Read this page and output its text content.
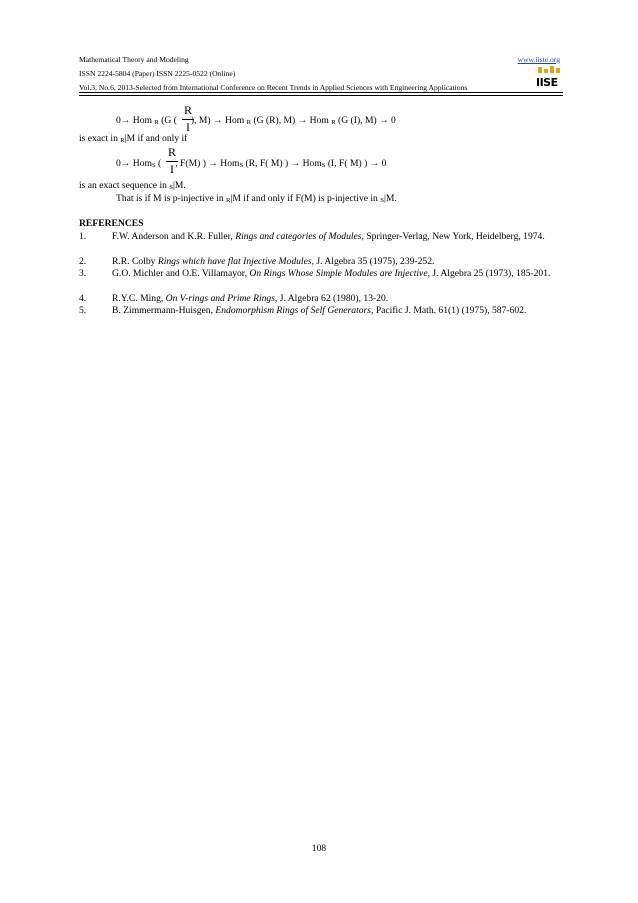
Mathematical Theory and Modeling	www.iiste.org
ISSN 2224-5804 (Paper) ISSN 2225-0522 (Online)
Vol.3, No.6, 2013-Selected from International Conference on Recent Trends in Applied Sciences with Engineering Applications	IISE
0→ Hom R (G ( ), M) → Hom R (G (R), M) → Hom R (G (I), M) → 0
R
I
is exact in R|M if and only if
0→ HomS ( , F(M) ) → HomS (R, F( M) ) → HomS (I, F( M) ) → 0
R
I
is an exact sequence in S|M.
That is if M is p-injective in R|M if and only if F(M) is p-injective in S|M.
REFERENCES
1.	F.W. Anderson and K.R. Fuller, Rings and categories of Modules, Springer-Verlag, New York, Heidelberg, 1974.
2.	R.R. Colby Rings which have flat Injective Modules, J. Algebra 35 (1975), 239-252.
3.	G.O. Michler and O.E. Villamayor, On Rings Whose Simple Modules are Injective, J. Algebra 25 (1973), 185-201.
4.	R.Y.C. Ming, On V-rings and Prime Rings, J. Algebra 62 (1980), 13-20.
5.	B. Zimmermann-Huisgen, Endomorphism Rings of Self Generators, Pacific J. Math. 61(1) (1975), 587-602.
108
